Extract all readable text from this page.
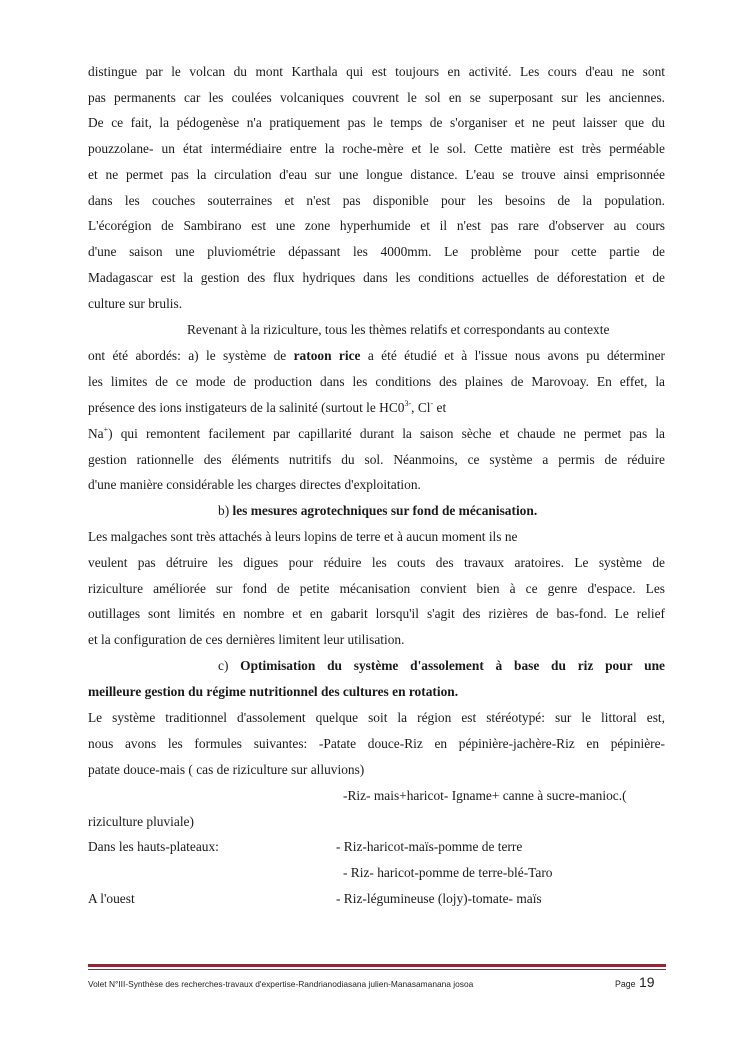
distingue par le volcan du mont Karthala qui est toujours en activité. Les cours d'eau ne sont
pas permanents car les coulées volcaniques couvrent le sol en se superposant sur les anciennes.
De ce fait, la pédogenèse n'a pratiquement pas le temps de s'organiser et ne peut laisser que du
pouzzolane- un état intermédiaire entre la roche-mère et le sol. Cette matière est très perméable
et ne permet pas la circulation d'eau sur une longue distance. L'eau se trouve ainsi emprisonnée
dans les couches souterraines et n'est pas disponible pour les besoins de la population.
L'écorégion de Sambirano est une zone hyperhumide et il n'est pas rare d'observer au cours
d'une saison une pluviométrie dépassant les 4000mm. Le problème pour cette partie de
Madagascar est la gestion des flux hydriques dans les conditions actuelles de déforestation et de
culture sur brulis.
Revenant à la riziculture, tous les thèmes relatifs et correspondants au contexte
ont été abordés: a) le système de ratoon rice a été étudié et à l'issue nous avons pu déterminer
les limites de ce mode de production dans les conditions des plaines de Marovoay. En effet, la
présence des ions instigateurs de la salinité (surtout le $HC0^{3-}$, Cl- et
Na+) qui remontent facilement par capillarité durant la saison sèche et chaude ne permet pas la
gestion rationnelle des éléments nutritifs du sol. Néanmoins, ce système a permis de réduire
d'une manière considérable les charges directes d'exploitation.
b) les mesures agrotechniques sur fond de mécanisation.
Les malgaches sont très attachés à leurs lopins de terre et à aucun moment ils ne
veulent pas détruire les digues pour réduire les couts des travaux aratoires. Le système de
riziculture améliorée sur fond de petite mécanisation convient bien à ce genre d'espace. Les
outillages sont limités en nombre et en gabarit lorsqu'il s'agit des rizières de bas-fond. Le relief
et la configuration de ces dernières limitent leur utilisation.
c) Optimisation du système d'assolement à base du riz pour une
meilleure gestion du régime nutritionnel des cultures en rotation.
Le système traditionnel d'assolement quelque soit la région est stéréotypé: sur le littoral est,
nous avons les formules suivantes: -Patate douce-Riz en pépinière-jachère-Riz en pépinière-
patate douce-mais ( cas de riziculture sur alluvions)
-Riz- mais+haricot- Igname+ canne à sucre-manioc.(
riziculture pluviale)
Dans les hauts-plateaux:	- Riz-haricot-maïs-pomme de terre
- Riz- haricot-pomme de terre-blé-Taro
A l'ouest	- Riz-légumineuse (lojy)-tomate- maïs
Volet N°III-Synthèse des recherches-travaux d'expertise-Randrianodiasana julien-Manasamanana josoa	Page 19
